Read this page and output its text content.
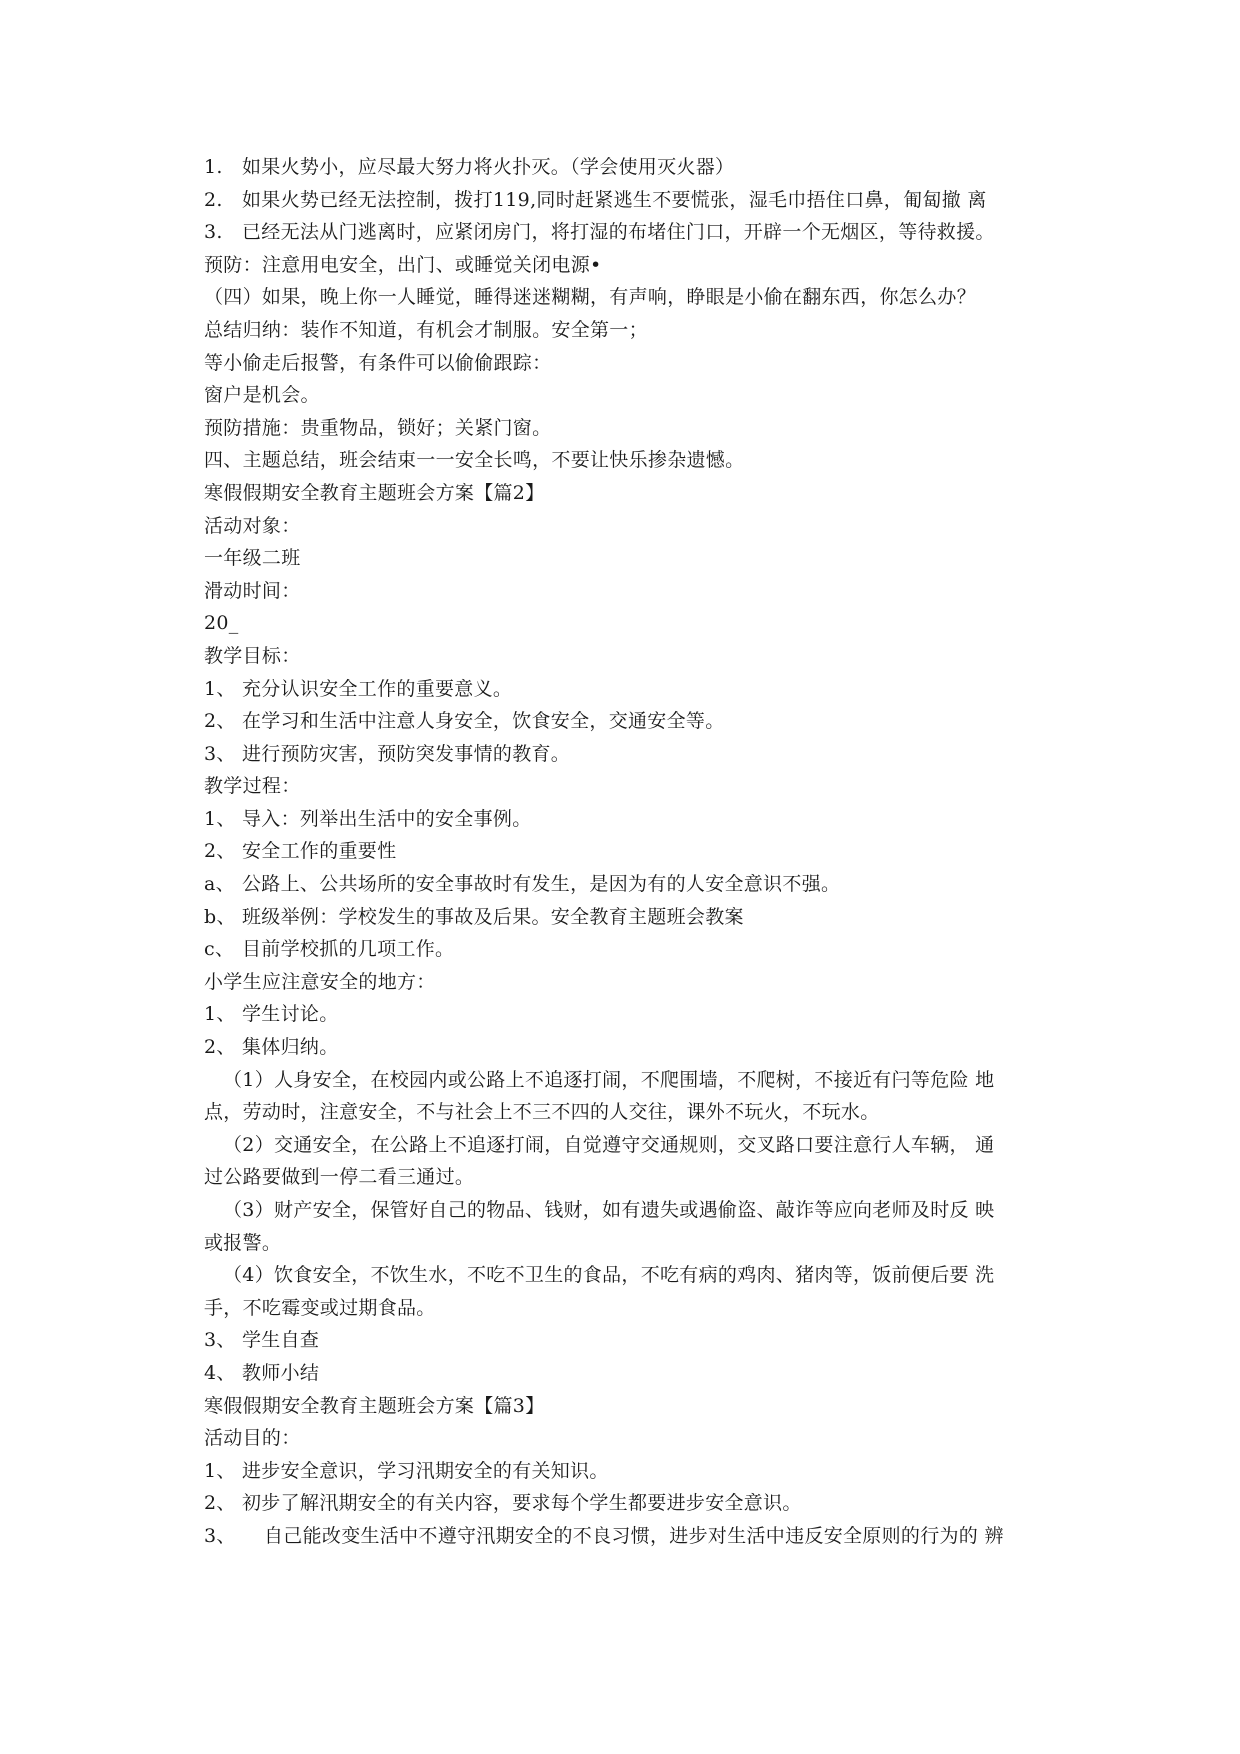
1. 如果火势小，应尽最大努力将火扑灭。（学会使用灭火器）
2. 如果火势已经无法控制，拨打119,同时赶紧逃生不要慌张，湿毛巾捂住口鼻，匍匐撤 离
3. 已经无法从门逃离时，应紧闭房门，将打湿的布堵住门口，开辟一个无烟区，等待救援。
预防：注意用电安全，出门、或睡觉关闭电源•
（四）如果，晚上你一人睡觉，睡得迷迷糊糊，有声响，睁眼是小偷在翻东西，你怎么办？
总结归纳：装作不知道，有机会才制服。安全第一；
等小偷走后报警，有条件可以偷偷跟踪：
窗户是机会。
预防措施：贵重物品，锁好；关紧门窗。
四、主题总结，班会结束一一安全长鸣，不要让快乐掺杂遗憾。
寒假假期安全教育主题班会方案【篇2】
活动对象：
一年级二班
滑动时间：
20_
教学目标：
1、 充分认识安全工作的重要意义。
2、 在学习和生活中注意人身安全，饮食安全，交通安全等。
3、 进行预防灾害，预防突发事情的教育。
教学过程：
1、 导入：列举出生活中的安全事例。
2、 安全工作的重要性
a、 公路上、公共场所的安全事故时有发生，是因为有的人安全意识不强。
b、 班级举例：学校发生的事故及后果。安全教育主题班会教案
c、 目前学校抓的几项工作。
小学生应注意安全的地方：
1、 学生讨论。
2、 集体归纳。
（1）人身安全，在校园内或公路上不追逐打闹，不爬围墙，不爬树，不接近有闩等危险 地
点，劳动时，注意安全，不与社会上不三不四的人交往，课外不玩火，不玩水。
（2）交通安全，在公路上不追逐打闹，自觉遵守交通规则，交叉路口要注意行人车辆， 通
过公路要做到一停二看三通过。
（3）财产安全，保管好自己的物品、钱财，如有遗失或遇偷盗、敲诈等应向老师及时反 映
或报警。
（4）饮食安全，不饮生水，不吃不卫生的食品，不吃有病的鸡肉、猪肉等，饭前便后要 洗
手，不吃霉变或过期食品。
3、 学生自查
4、 教师小结
寒假假期安全教育主题班会方案【篇3】
活动目的：
1、 进步安全意识，学习汛期安全的有关知识。
2、 初步了解汛期安全的有关内容，要求每个学生都要进步安全意识。
3、 自己能改变生活中不遵守汛期安全的不良习惯，进步对生活中违反安全原则的行为的 辨
